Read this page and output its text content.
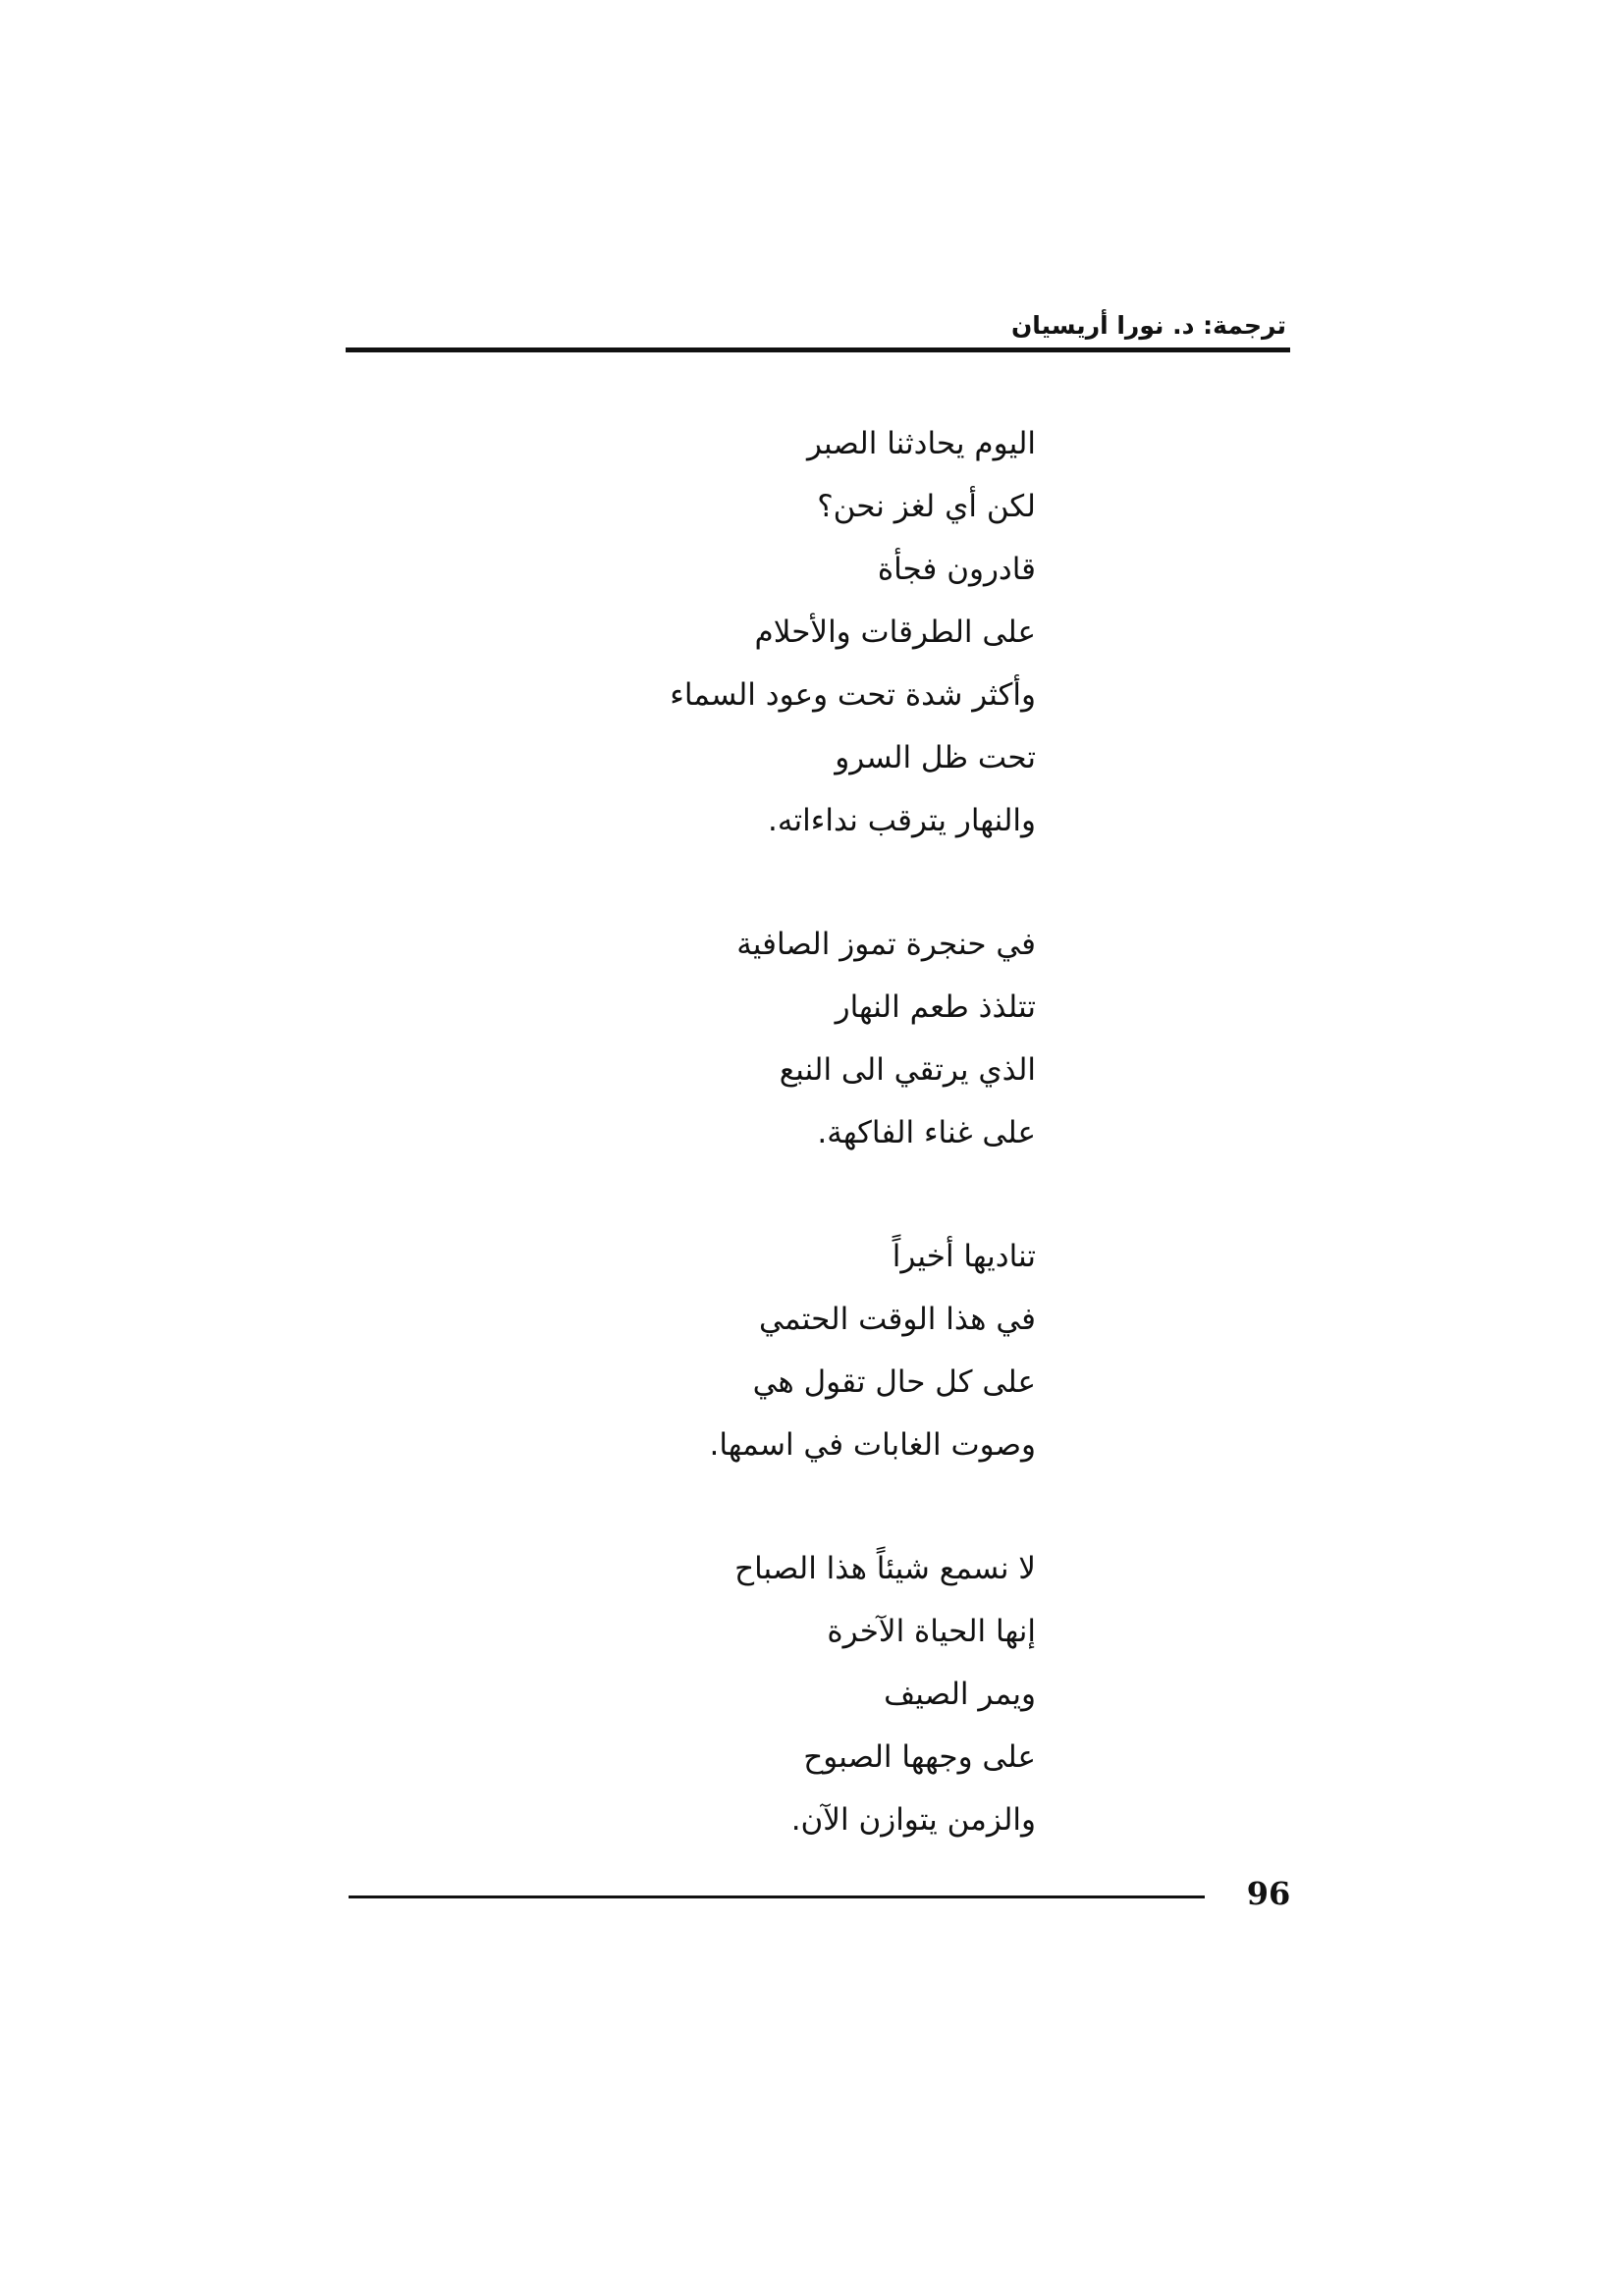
ترجمة: د. نورا أريسيان
اليوم يحادثنا الصبر
لكن أي لغز نحن؟
قادرون فجأة
على الطرقات والأحلام
وأكثر شدة تحت وعود السماء
تحت ظل السرو
والنهار يترقب نداءاته.
في حنجرة تموز الصافية
تتلذذ طعم النهار
الذي يرتقي الى النبع
على غناء الفاكهة.
تناديها أخيراً
في هذا الوقت الحتمي
على كل حال تقول هي
وصوت الغابات في اسمها.
لا نسمع شيئاً هذا الصباح
إنها الحياة الآخرة
ويمر الصيف
على وجهها الصبوح
والزمن يتوازن الآن.
96
